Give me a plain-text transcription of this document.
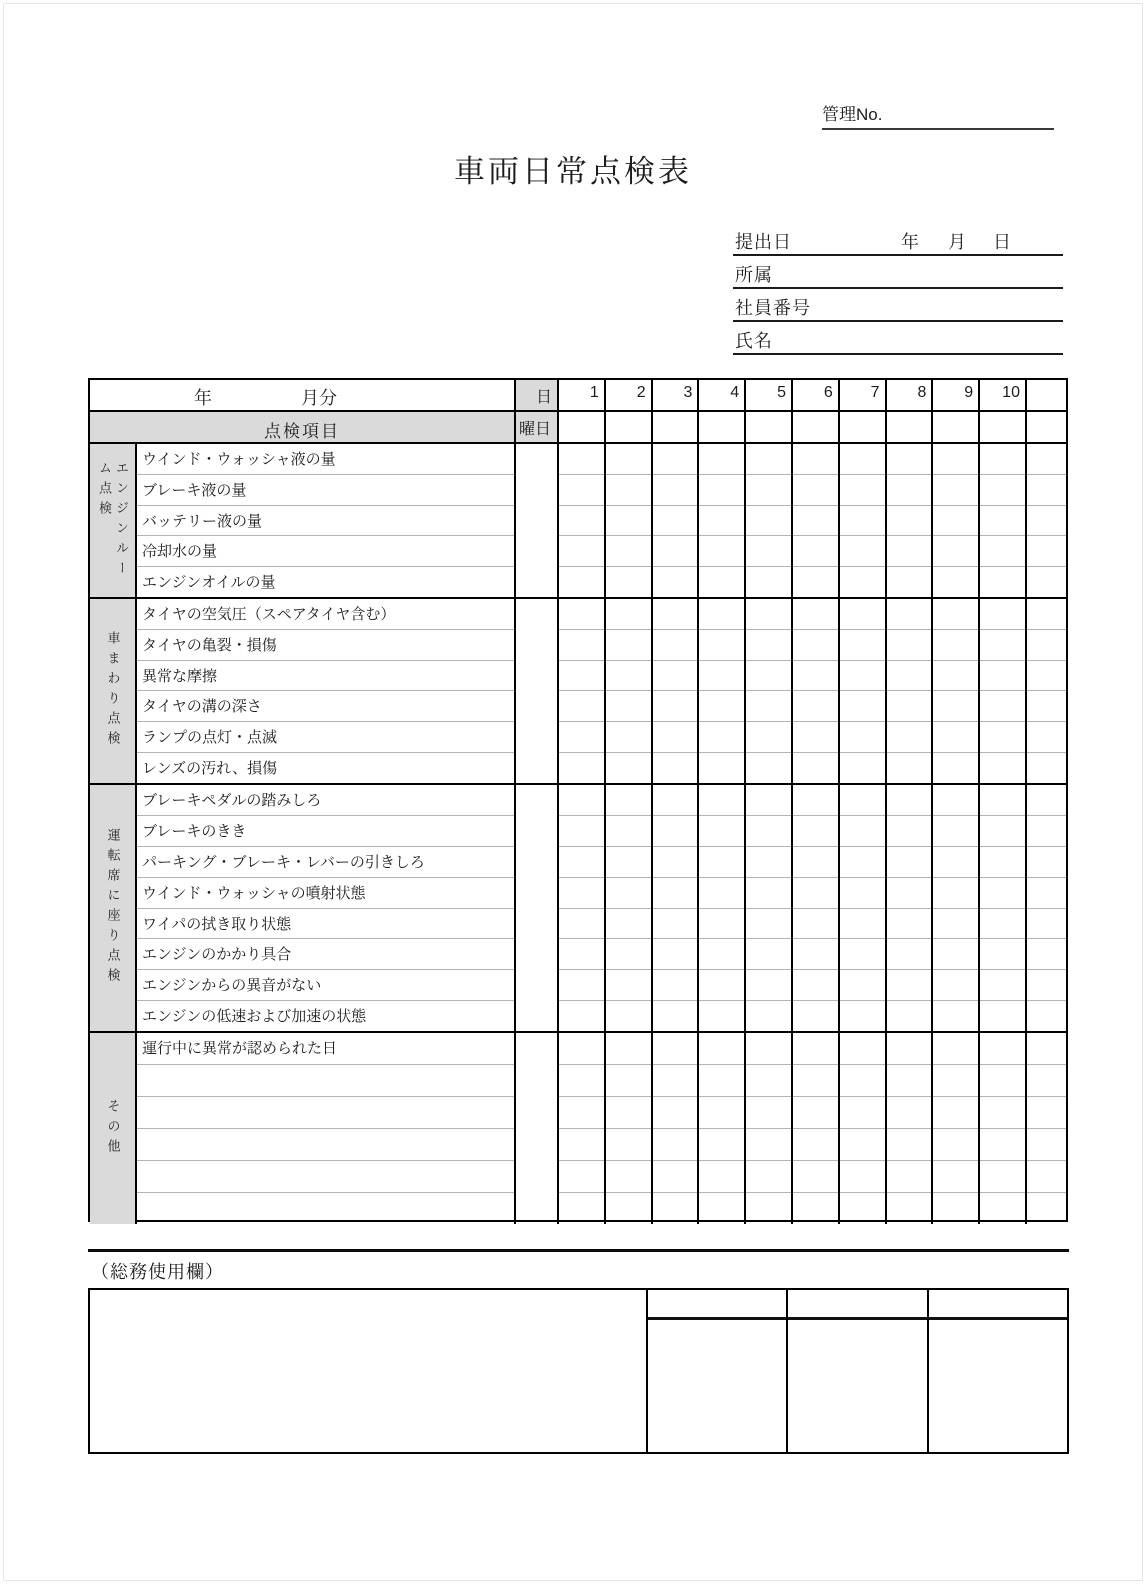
管理No.
車両日常点検表
提出日	年 月 日
所属
社員番号
氏名
年	月分	日	1	2	3	4	5	6	7	8	9	10
点検項目	曜日
エンジンルー
ム点検
ウインド・ウォッシャ液の量
ブレーキ液の量
バッテリー液の量
冷却水の量
エンジンオイルの量
車まわり点検
タイヤの空気圧（スペアタイヤ含む）
タイヤの亀裂・損傷
異常な摩擦
タイヤの溝の深さ
ランプの点灯・点滅
レンズの汚れ、損傷
運転席に座り点検
ブレーキペダルの踏みしろ
ブレーキのきき
パーキング・ブレーキ・レバーの引きしろ
ウインド・ウォッシャの噴射状態
ワイパの拭き取り状態
エンジンのかかり具合
エンジンからの異音がない
エンジンの低速および加速の状態
その他
運行中に異常が認められた日
（総務使用欄）
